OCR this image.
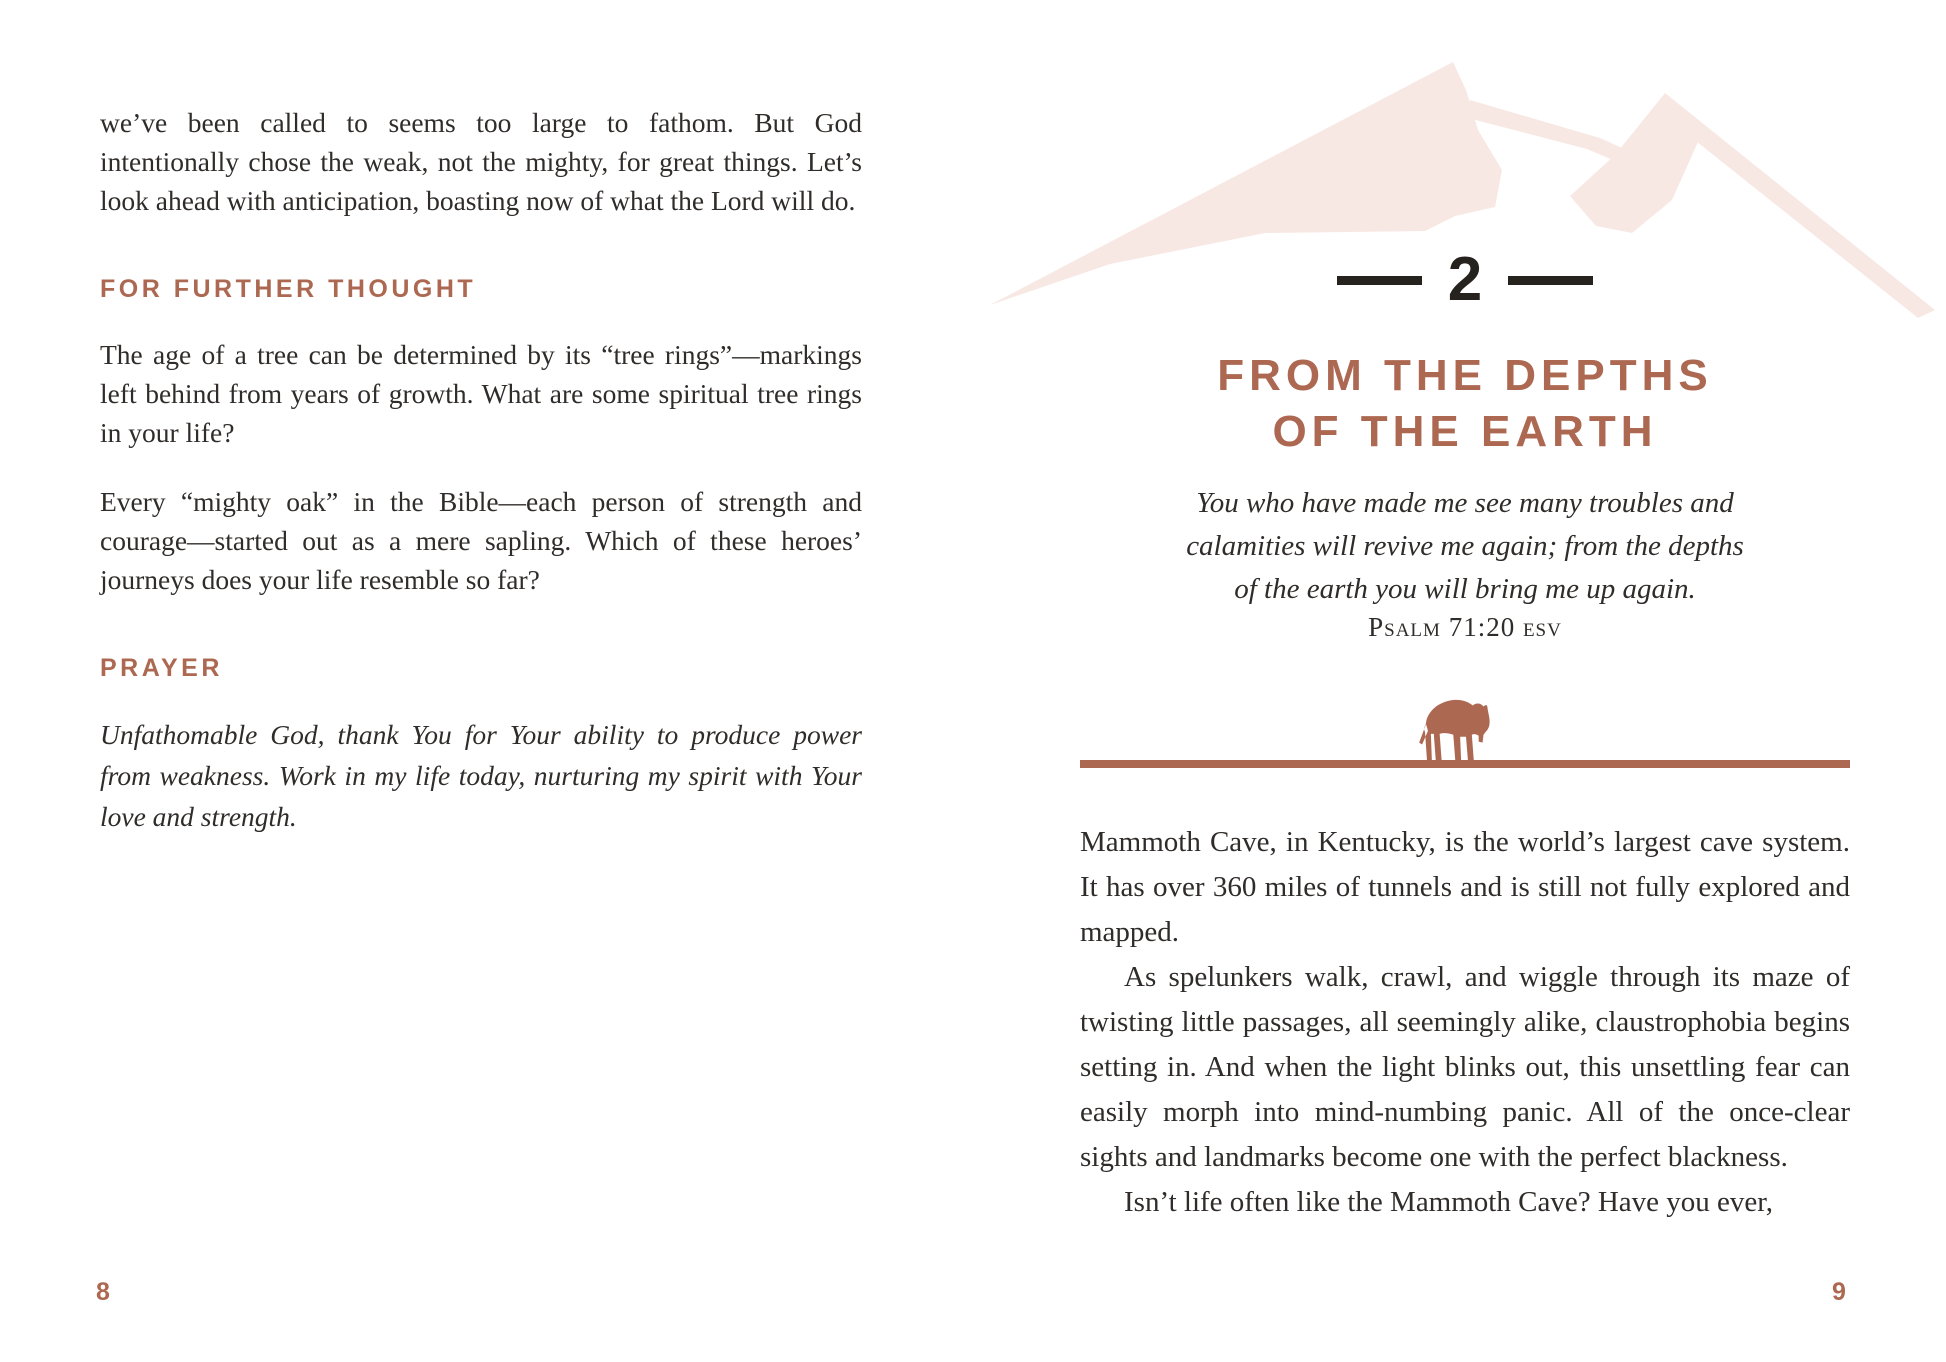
we’ve been called to seems too large to fathom. But God intentionally chose the weak, not the mighty, for great things. Let’s look ahead with anticipation, boasting now of what the Lord will do.

FOR FURTHER THOUGHT

The age of a tree can be determined by its “tree rings”—markings left behind from years of growth. What are some spiritual tree rings in your life?

Every “mighty oak” in the Bible—each person of strength and courage—started out as a mere sapling. Which of these heroes’ journeys does your life resemble so far?

PRAYER

Unfathomable God, thank You for Your ability to produce power from weakness. Work in my life today, nurturing my spirit with Your love and strength.

8
2
FROM THE DEPTHS
OF THE EARTH
You who have made me see many troubles and
calamities will revive me again; from the depths
of the earth you will bring me up again.
Psalm 71:20 esv

Mammoth Cave, in Kentucky, is the world’s largest cave system. It has over 360 miles of tunnels and is still not fully explored and mapped.

As spelunkers walk, crawl, and wiggle through its maze of twisting little passages, all seemingly alike, claustrophobia begins setting in. And when the light blinks out, this unsettling fear can easily morph into mind-numbing panic. All of the once-clear sights and landmarks become one with the perfect blackness.

Isn’t life often like the Mammoth Cave? Have you ever,

9
